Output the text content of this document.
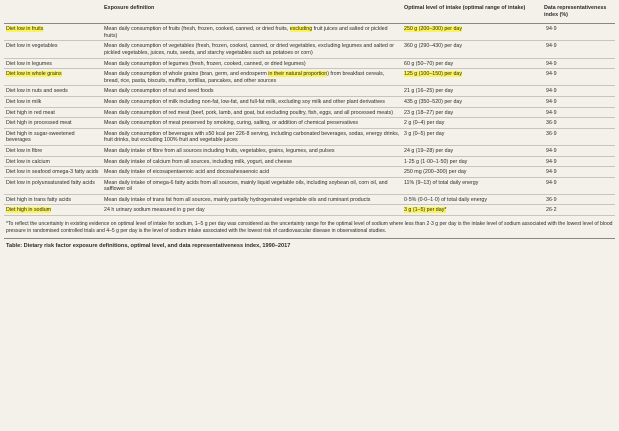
	Exposure definition	Optimal level of intake (optimal range of intake)	Data representativeness index (%)
Diet low in fruits	Mean daily consumption of fruits (fresh, frozen, cooked, canned, or dried fruits, excluding fruit juices and salted or pickled fruits)	250 g (200–300) per day	94·9
Diet low in vegetables	Mean daily consumption of vegetables (fresh, frozen, cooked, canned, or dried vegetables, excluding legumes and salted or pickled vegetables, juices, nuts, seeds, and starchy vegetables such as potatoes or corn)	360 g (290–430) per day	94·9
Diet low in legumes	Mean daily consumption of legumes (fresh, frozen, cooked, canned, or dried legumes)	60 g (50–70) per day	94·9
Diet low in whole grains	Mean daily consumption of whole grains (bran, germ, and endosperm in their natural proportion) from breakfast cereals, bread, rice, pasta, biscuits, muffins, tortillas, pancakes, and other sources	125 g (100–150) per day	94·9
Diet low in nuts and seeds	Mean daily consumption of nut and seed foods	21 g (16–25) per day	94·9
Diet low in milk	Mean daily consumption of milk including non-fat, low-fat, and full-fat milk, excluding soy milk and other plant derivatives	435 g (350–520) per day	94·9
Diet high in red meat	Mean daily consumption of red meat (beef, pork, lamb, and goat, but excluding poultry, fish, eggs, and all processed meats)	23 g (18–27) per day	94·9
Diet high in processed meat	Mean daily consumption of meat preserved by smoking, curing, salting, or addition of chemical preservatives	2 g (0–4) per day	36·9
Diet high in sugar-sweetened beverages	Mean daily consumption of beverages with ≥50 kcal per 226·8 serving, including carbonated beverages, sodas, energy drinks, fruit drinks, but excluding 100% fruit and vegetable juices	3 g (0–5) per day	36·9
Diet low in fibre	Mean daily intake of fibre from all sources including fruits, vegetables, grains, legumes, and pulses	24 g (19–28) per day	94·9
Diet low in calcium	Mean daily intake of calcium from all sources, including milk, yogurt, and cheese	1·25 g (1·00–1·50) per day	94·9
Diet low in seafood omega-3 fatty acids	Mean daily intake of eicosapentaenoic acid and docosahexaenoic acid	250 mg (200–300) per day	94·9
Diet low in polyunsaturated fatty acids	Mean daily intake of omega-6 fatty acids from all sources, mainly liquid vegetable oils, including soybean oil, corn oil, and safflower oil	11% (9–13) of total daily energy	94·9
Diet high in trans fatty acids	Mean daily intake of trans fat from all sources, mainly partially hydrogenated vegetable oils and ruminant products	0·5% (0·0–1·0) of total daily energy	36·9
Diet high in sodium	24 h urinary sodium measured in g per day	3 g (1–5) per day*	26·2
*To reflect the uncertainty in existing evidence on optimal level of intake for sodium, 1–5 g per day was considered as the uncertainty range for the optimal level of sodium where less than 2·3 g per day is the intake level of sodium associated with the lowest level of blood pressure in randomised controlled trials and 4–5 g per day is the level of sodium intake associated with the lowest risk of cardiovascular disease in observational studies.
Table: Dietary risk factor exposure definitions, optimal level, and data representativeness index, 1990–2017
